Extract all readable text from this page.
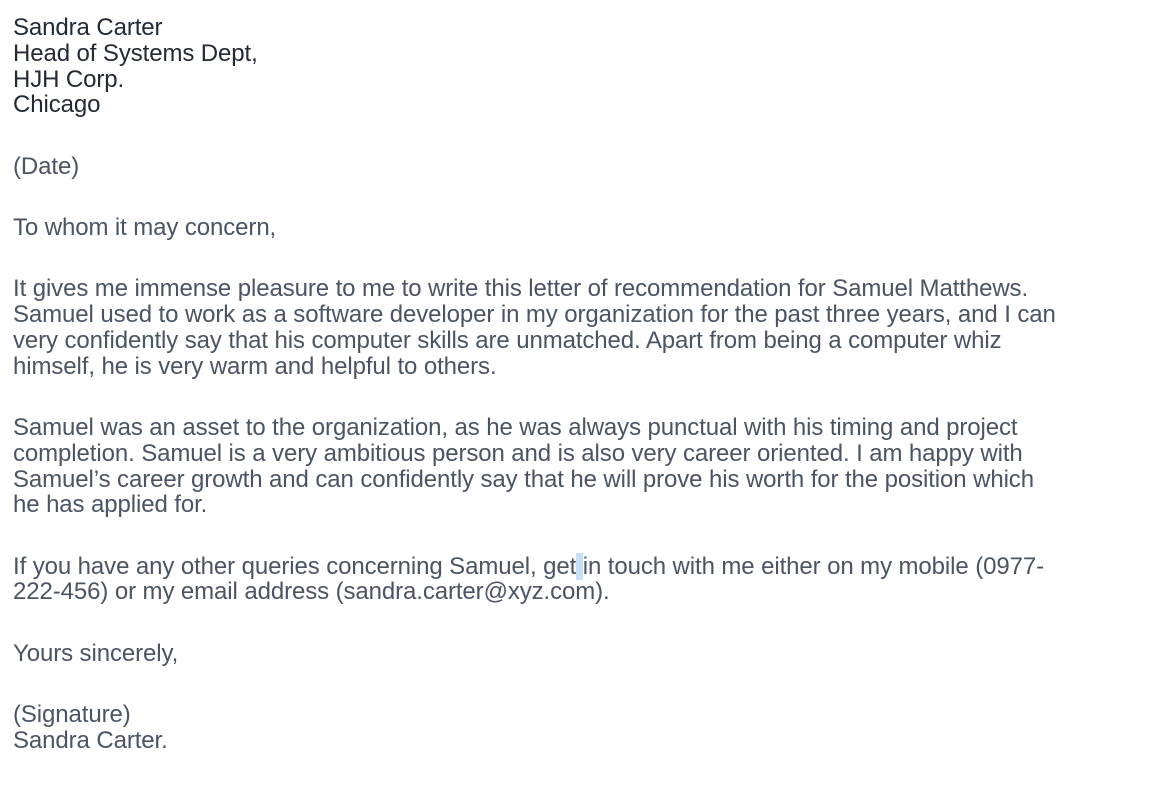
Sandra Carter
Head of Systems Dept,
HJH Corp.
Chicago
(Date)
To whom it may concern,
It gives me immense pleasure to me to write this letter of recommendation for Samuel Matthews.
Samuel used to work as a software developer in my organization for the past three years, and I can
very confidently say that his computer skills are unmatched. Apart from being a computer whiz
himself, he is very warm and helpful to others.
Samuel was an asset to the organization, as he was always punctual with his timing and project
completion. Samuel is a very ambitious person and is also very career oriented. I am happy with
Samuel’s career growth and can confidently say that he will prove his worth for the position which
he has applied for.
If you have any other queries concerning Samuel, get in touch with me either on my mobile (0977-
222-456) or my email address (sandra.carter@xyz.com).
Yours sincerely,
(Signature)
Sandra Carter.
